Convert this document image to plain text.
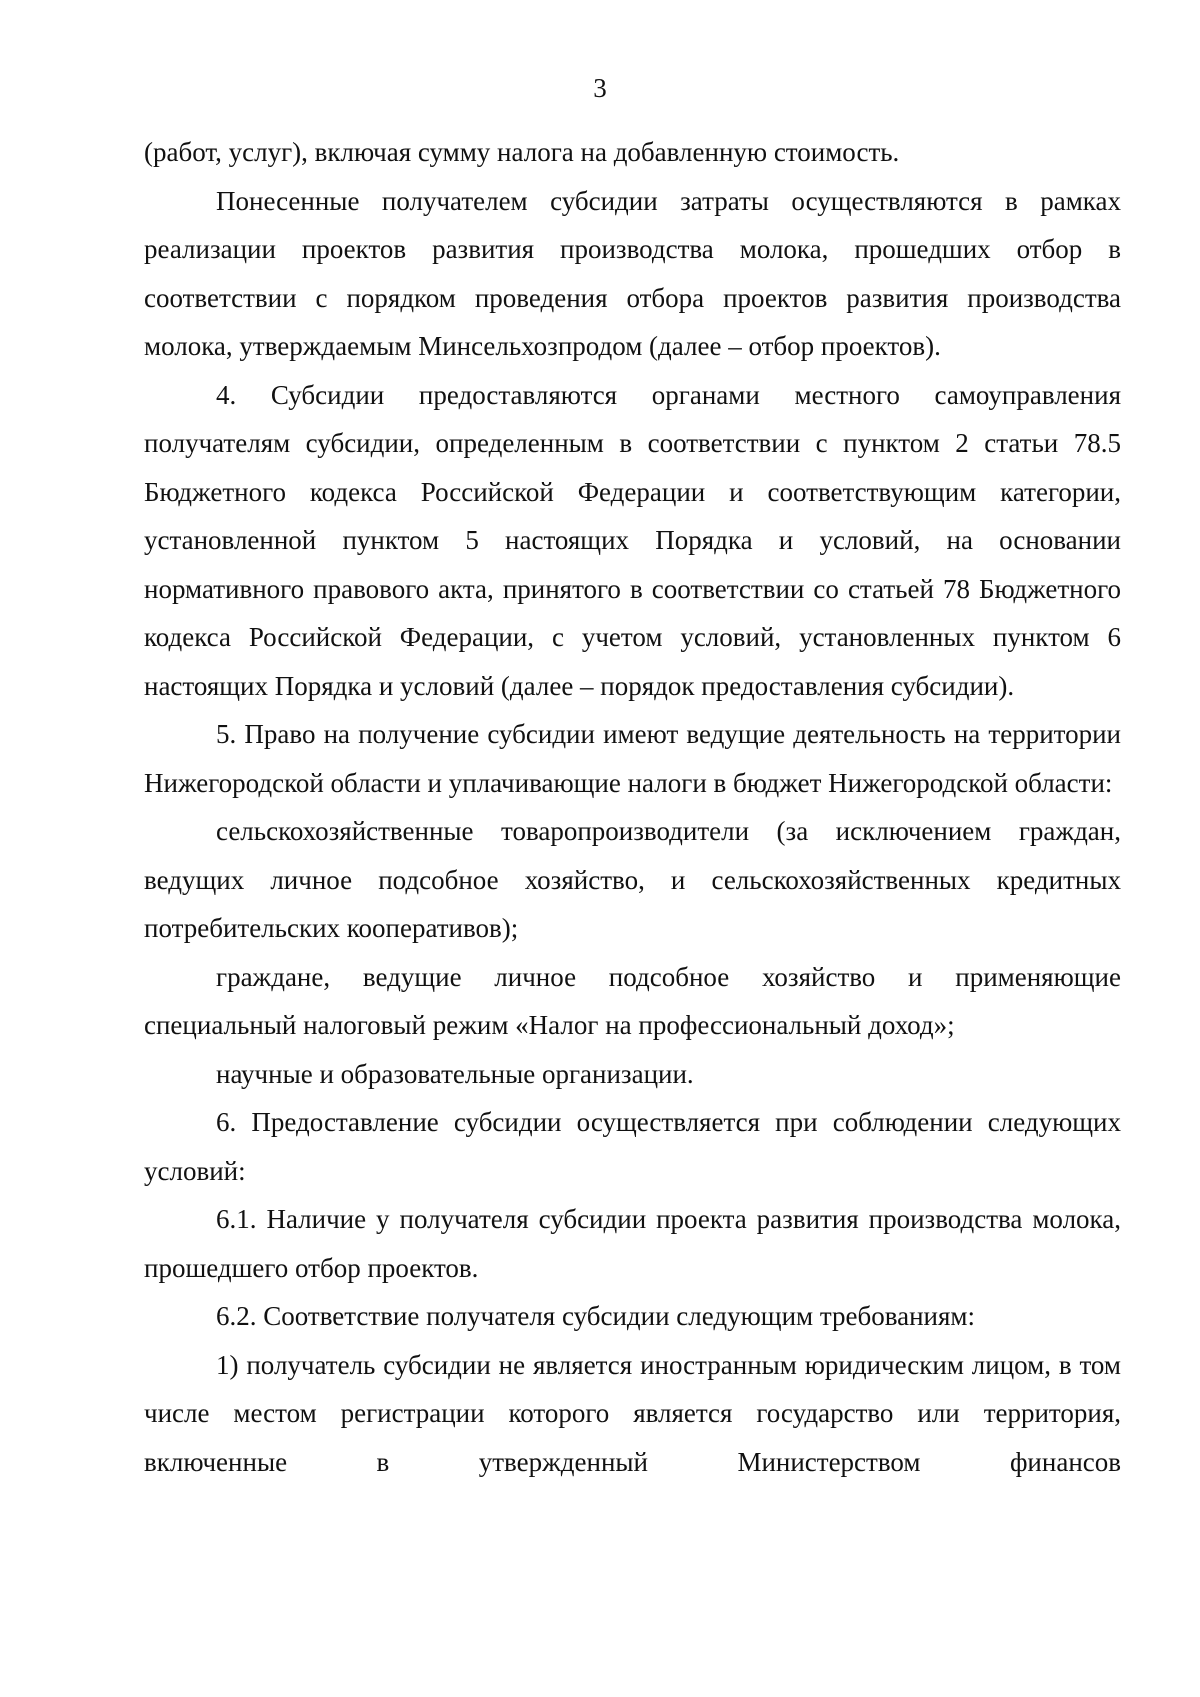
3

(работ, услуг), включая сумму налога на добавленную стоимость.

Понесенные получателем субсидии затраты осуществляются в рамках реализации проектов развития производства молока, прошедших отбор в соответствии с порядком проведения отбора проектов развития производства молока, утверждаемым Минсельхозпродом (далее – отбор проектов).

4. Субсидии предоставляются органами местного самоуправления получателям субсидии, определенным в соответствии с пунктом 2 статьи 78.5 Бюджетного кодекса Российской Федерации и соответствующим категории, установленной пунктом 5 настоящих Порядка и условий, на основании нормативного правового акта, принятого в соответствии со статьей 78 Бюджетного кодекса Российской Федерации, с учетом условий, установленных пунктом 6 настоящих Порядка и условий (далее – порядок предоставления субсидии).

5. Право на получение субсидии имеют ведущие деятельность на территории Нижегородской области и уплачивающие налоги в бюджет Нижегородской области:

сельскохозяйственные товаропроизводители (за исключением граждан, ведущих личное подсобное хозяйство, и сельскохозяйственных кредитных потребительских кооперативов);

граждане, ведущие личное подсобное хозяйство и применяющие специальный налоговый режим «Налог на профессиональный доход»;

научные и образовательные организации.

6. Предоставление субсидии осуществляется при соблюдении следующих условий:

6.1. Наличие у получателя субсидии проекта развития производства молока, прошедшего отбор проектов.

6.2. Соответствие получателя субсидии следующим требованиям:

1) получатель субсидии не является иностранным юридическим лицом, в том числе местом регистрации которого является государство или территория, включенные в утвержденный Министерством финансов
